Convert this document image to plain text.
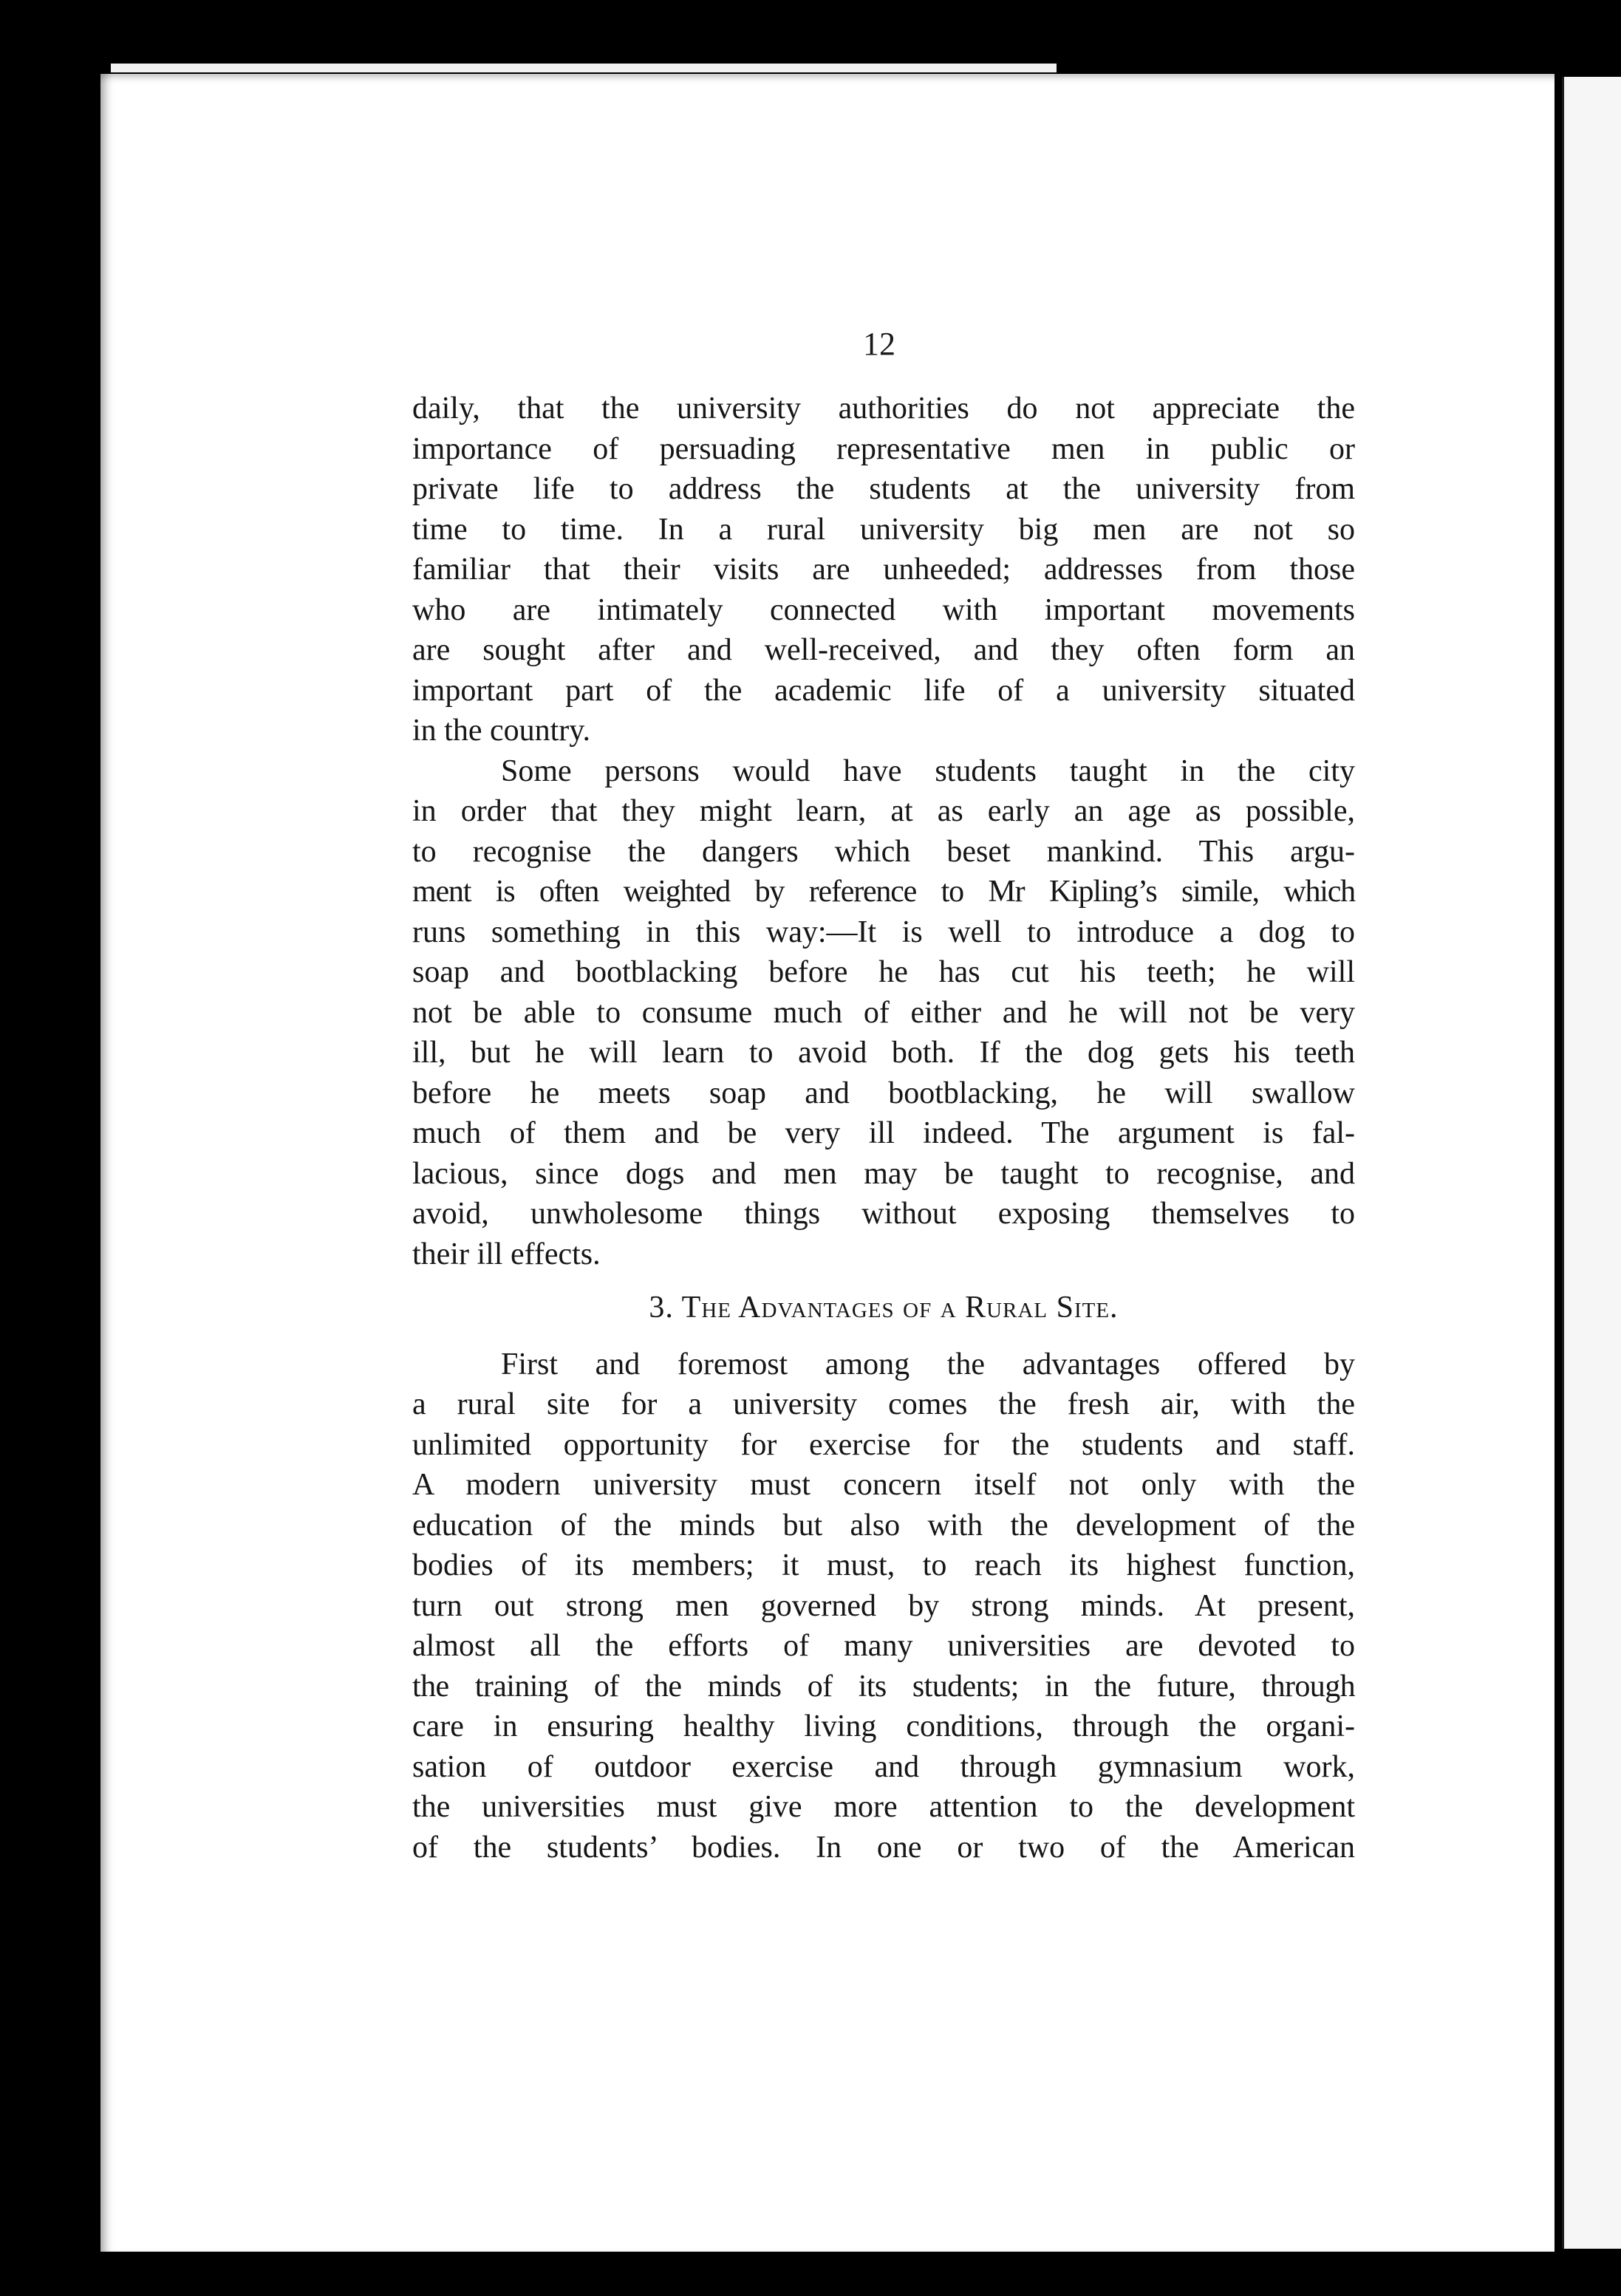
12
daily, that the university authorities do not appreciate the
importance of persuading representative men in public or
private life to address the students at the university from
time to time. In a rural university big men are not so
familiar that their visits are unheeded; addresses from those
who are intimately connected with important movements
are sought after and well-received, and they often form an
important part of the academic life of a university situated
in the country.
Some persons would have students taught in the city
in order that they might learn, at as early an age as possible,
to recognise the dangers which beset mankind. This argu-
ment is often weighted by reference to Mr Kipling’s simile, which
runs something in this way:—It is well to introduce a dog to
soap and bootblacking before he has cut his teeth; he will
not be able to consume much of either and he will not be very
ill, but he will learn to avoid both. If the dog gets his teeth
before he meets soap and bootblacking, he will swallow
much of them and be very ill indeed. The argument is fal-
lacious, since dogs and men may be taught to recognise, and
avoid, unwholesome things without exposing themselves to
their ill effects.
3. The Advantages of a Rural Site.
First and foremost among the advantages offered by
a rural site for a university comes the fresh air, with the
unlimited opportunity for exercise for the students and staff.
A modern university must concern itself not only with the
education of the minds but also with the development of the
bodies of its members; it must, to reach its highest function,
turn out strong men governed by strong minds. At present,
almost all the efforts of many universities are devoted to
the training of the minds of its students; in the future, through
care in ensuring healthy living conditions, through the organi-
sation of outdoor exercise and through gymnasium work,
the universities must give more attention to the development
of the students’ bodies. In one or two of the American
